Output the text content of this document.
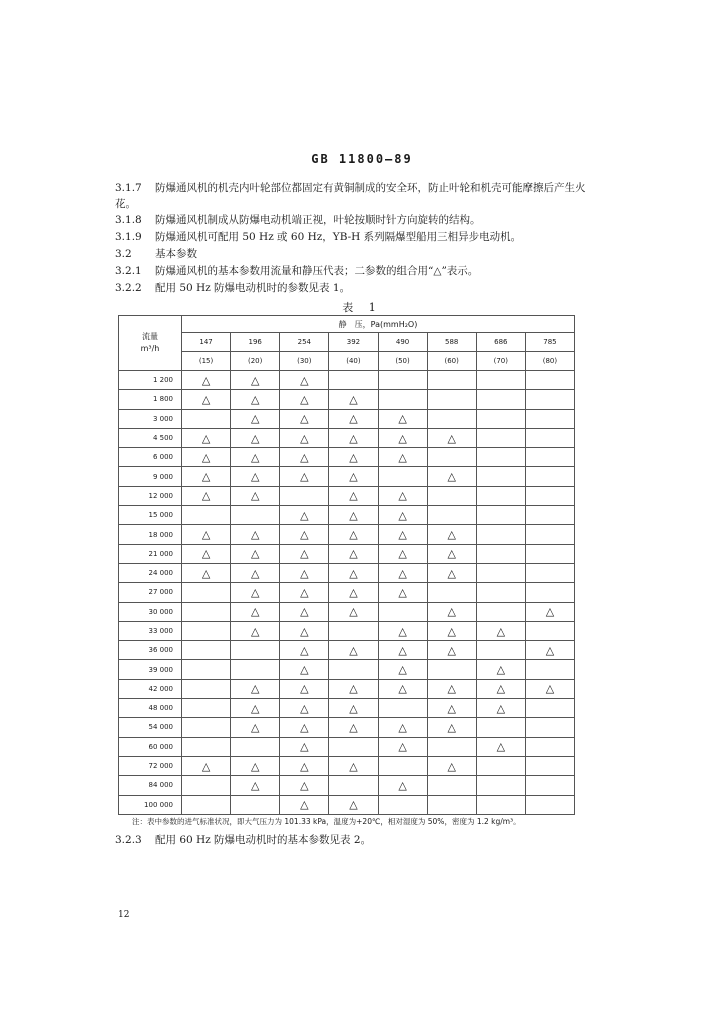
GB 11800—89
3.1.7 防爆通风机的机壳内叶轮部位都固定有黄铜制成的安全环，防止叶轮和机壳可能摩擦后产生火
花。
3.1.8 防爆通风机制成从防爆电动机端正视，叶轮按顺时针方向旋转的结构。
3.1.9 防爆通风机可配用 50 Hz 或 60 Hz，YB-H 系列隔爆型船用三相异步电动机。
3.2 基本参数
3.2.1 防爆通风机的基本参数用流量和静压代表；二参数的组合用“△”表示。
3.2.2 配用 50 Hz 防爆电动机时的参数见表 1。
表 1
流量
m³/h	静　压，Pa(mmH₂O)							
	147	196	254	392	490	588	686	785
	(15)	(20)	(30)	(40)	(50)	(60)	(70)	(80)
1 200	△	△	△					
1 800	△	△	△	△				
3 000		△	△	△	△			
4 500	△	△	△	△	△	△		
6 000	△	△	△	△	△			
9 000	△	△	△	△		△		
12 000	△	△		△	△			
15 000			△	△	△			
18 000	△	△	△	△	△	△		
21 000	△	△	△	△	△	△		
24 000	△	△	△	△	△	△		
27 000		△	△	△	△			
30 000		△	△	△		△		△
33 000		△	△		△	△	△	
36 000			△	△	△	△		△
39 000			△		△		△	
42 000		△	△	△	△	△	△	△
48 000		△	△	△		△	△	
54 000		△	△	△	△	△		
60 000			△		△		△	
72 000	△	△	△	△		△		
84 000		△	△		△			
100 000			△	△				
注：表中参数的进气标准状况，即大气压力为 101.33 kPa，温度为+20℃，相对湿度为 50%，密度为 1.2 kg/m³。
3.2.3 配用 60 Hz 防爆电动机时的基本参数见表 2。
12
